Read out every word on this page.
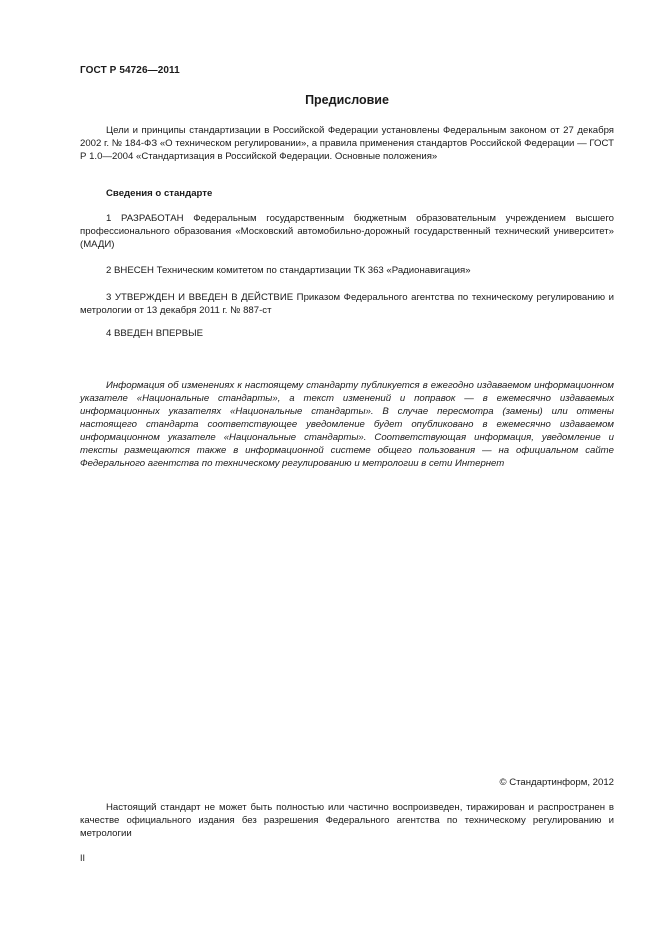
ГОСТ Р 54726—2011
Предисловие

Цели и принципы стандартизации в Российской Федерации установлены Федеральным законом от 27 декабря 2002 г. № 184-ФЗ «О техническом регулировании», а правила применения стандартов Российской Федерации — ГОСТ Р 1.0—2004 «Стандартизация в Российской Федерации. Основные положения»

Сведения о стандарте

1 РАЗРАБОТАН Федеральным государственным бюджетным образовательным учреждением высшего профессионального образования «Московский автомобильно-дорожный государственный технический университет» (МАДИ)

2 ВНЕСЕН Техническим комитетом по стандартизации ТК 363 «Радионавигация»

3 УТВЕРЖДЕН И ВВЕДЕН В ДЕЙСТВИЕ Приказом Федерального агентства по техническому регулированию и метрологии от 13 декабря 2011 г. № 887-ст

4 ВВЕДЕН ВПЕРВЫЕ

Информация об изменениях к настоящему стандарту публикуется в ежегодно издаваемом информационном указателе «Национальные стандарты», а текст изменений и поправок — в ежемесячно издаваемых информационных указателях «Национальные стандарты». В случае пересмотра (замены) или отмены настоящего стандарта соответствующее уведомление будет опубликовано в ежемесячно издаваемом информационном указателе «Национальные стандарты». Соответствующая информация, уведомление и тексты размещаются также в информационной системе общего пользования — на официальном сайте Федерального агентства по техническому регулированию и метрологии в сети Интернет

© Стандартинформ, 2012

Настоящий стандарт не может быть полностью или частично воспроизведен, тиражирован и распространен в качестве официального издания без разрешения Федерального агентства по техническому регулированию и метрологии

II
